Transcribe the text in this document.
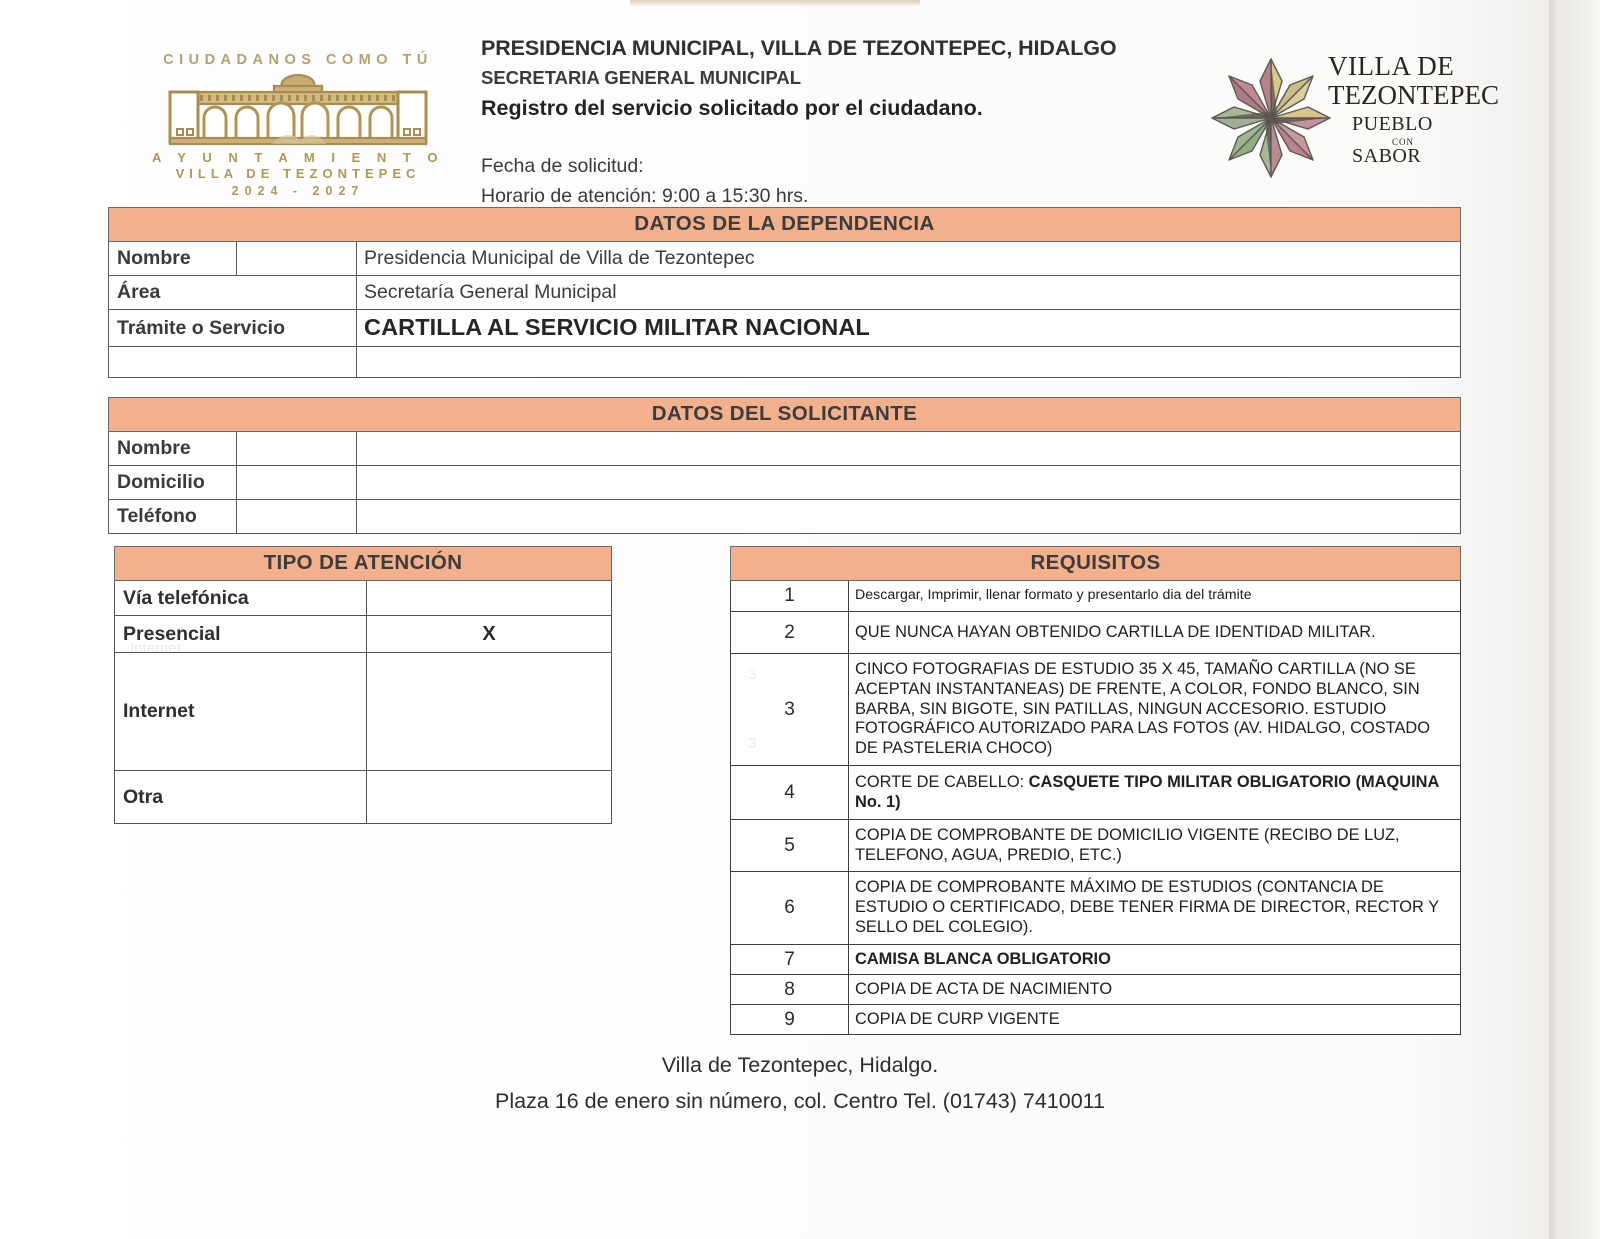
CIUDADANOS COMO TÚ
A Y U N T A M I E N T O
VILLA DE TEZONTEPEC
2024 - 2027
PRESIDENCIA MUNICIPAL, VILLA DE TEZONTEPEC, HIDALGO
SECRETARIA GENERAL MUNICIPAL
Registro del servicio solicitado por el ciudadano.
Fecha de solicitud:
Horario de atención: 9:00 a 15:30 hrs.
VILLA DE
TEZONTEPEC
PUEBLO
CON
SABOR
DATOS DE LA DEPENDENCIA		

Nombre		Presidencia Municipal de Villa de Tezontepec

Área		Secretaría General Municipal

Trámite o Servicio		CARTILLA AL SERVICIO MILITAR NACIONAL

DATOS DEL SOLICITANTE		

Nombre		

Domicilio		

Teléfono		

TIPO DE ATENCIÓN	

Vía telefónica	

Presencial	X

Internet	

Otra	

REQUISITOS	

1	Descargar, Imprimir, llenar formato y presentarlo dia del trámite

2	QUE NUNCA HAYAN OBTENIDO CARTILLA DE IDENTIDAD MILITAR.

3	CINCO FOTOGRAFIAS DE ESTUDIO 35 X 45, TAMAÑO CARTILLA (NO SE ACEPTAN INSTANTANEAS) DE FRENTE, A COLOR, FONDO BLANCO, SIN BARBA, SIN BIGOTE, SIN PATILLAS, NINGUN ACCESORIO. ESTUDIO FOTOGRÁFICO AUTORIZADO PARA LAS FOTOS (AV. HIDALGO, COSTADO DE PASTELERIA CHOCO)

4	CORTE DE CABELLO: CASQUETE TIPO MILITAR OBLIGATORIO (MAQUINA No. 1)

5	COPIA DE COMPROBANTE DE DOMICILIO VIGENTE (RECIBO DE LUZ, TELEFONO, AGUA, PREDIO, ETC.)

6	COPIA DE COMPROBANTE MÁXIMO DE ESTUDIOS (CONTANCIA DE ESTUDIO O CERTIFICADO, DEBE TENER FIRMA DE DIRECTOR, RECTOR Y SELLO DEL COLEGIO).

7	CAMISA BLANCA OBLIGATORIO

8	COPIA DE ACTA DE NACIMIENTO

9	COPIA DE CURP VIGENTE
Villa de Tezontepec, Hidalgo.
Plaza 16 de enero sin número, col. Centro Tel. (01743) 7410011
